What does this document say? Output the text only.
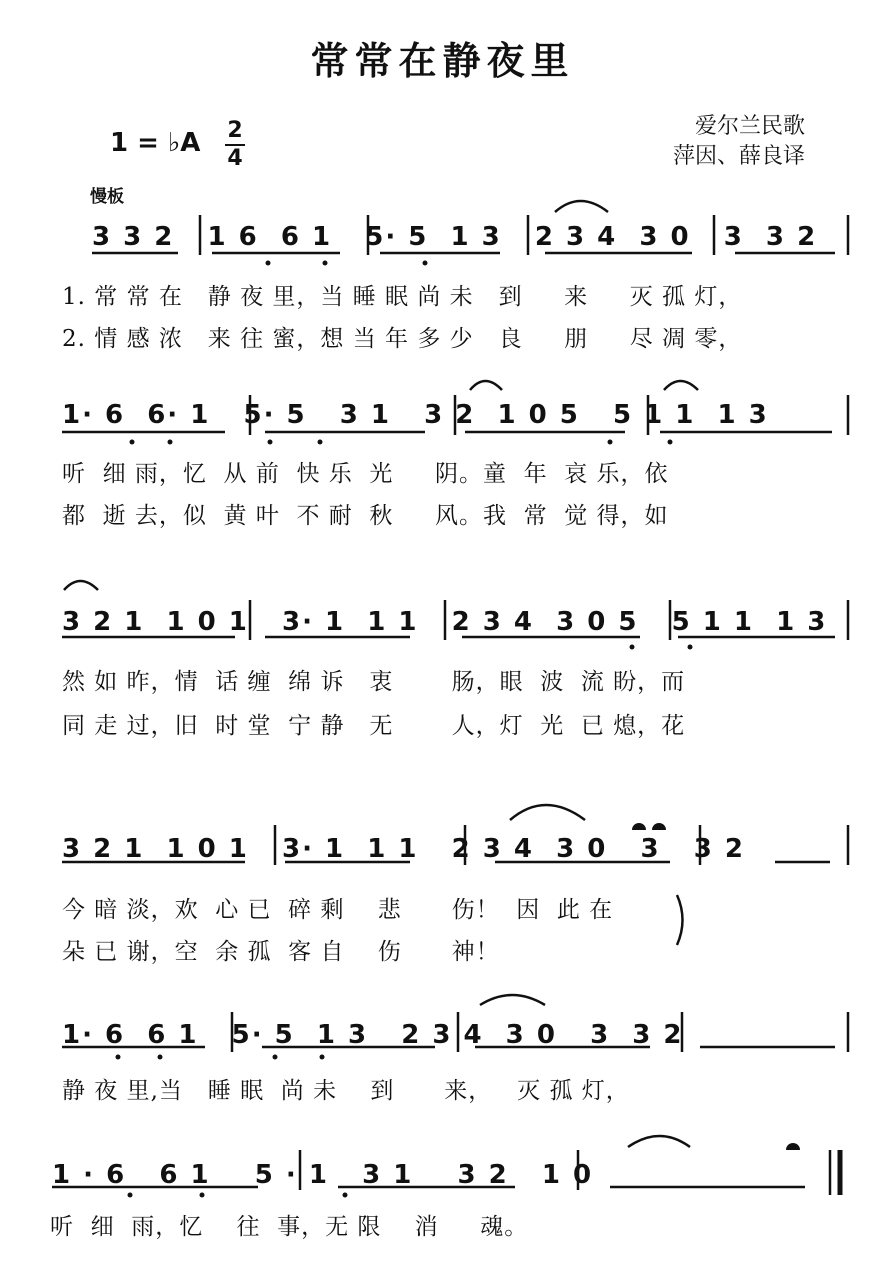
常常在静夜里
1 = ♭A 2
4
爱尔兰民歌
萍因、薛良译
慢板
3 3 2   1 6  6 1   5· 5  1 3   2 3 4  3 0   3  3 2
1. 常 常 在   静 夜 里，当 睡 眠 尚 未   到     来     灭 孤 灯，
2. 情 感 浓   来 往 蜜，想 当 年 多 少   良     朋     尽 凋 零，
1· 6  6· 1   5· 5   3 1   3 2  1 0 5   5 1 1  1 3
听  细 雨，忆  从 前  快 乐  光     阴。童  年  哀 乐，依
都  逝 去，似  黄 叶  不 耐  秋     风。我  常  觉 得，如
3 2 1  1 0 1   3· 1  1 1   2 3 4  3 0 5   5 1 1  1 3
然 如 昨，情  话 缠  绵 诉   衷       肠，眼  波  流 盼，而
同 走 过，旧  时 堂  宁 静   无       人，灯  光  已 熄，花
3 2 1  1 0 1   3· 1  1 1   2 3 4  3 0   3   3 2
今 暗 淡，欢  心 已  碎 剩    悲      伤！  因  此 在
朵 已 谢，空  余 孤  客 自    伤      神！
1· 6  6 1   5· 5  1 3   2 3 4  3 0   3  3 2
静 夜 里,当   睡 眠  尚 未    到      来，   灭 孤 灯，
1 · 6   6 1    5 · 1   3 1    3 2   1 0
听  细  雨，忆    往  事，无 限    消     魂。
